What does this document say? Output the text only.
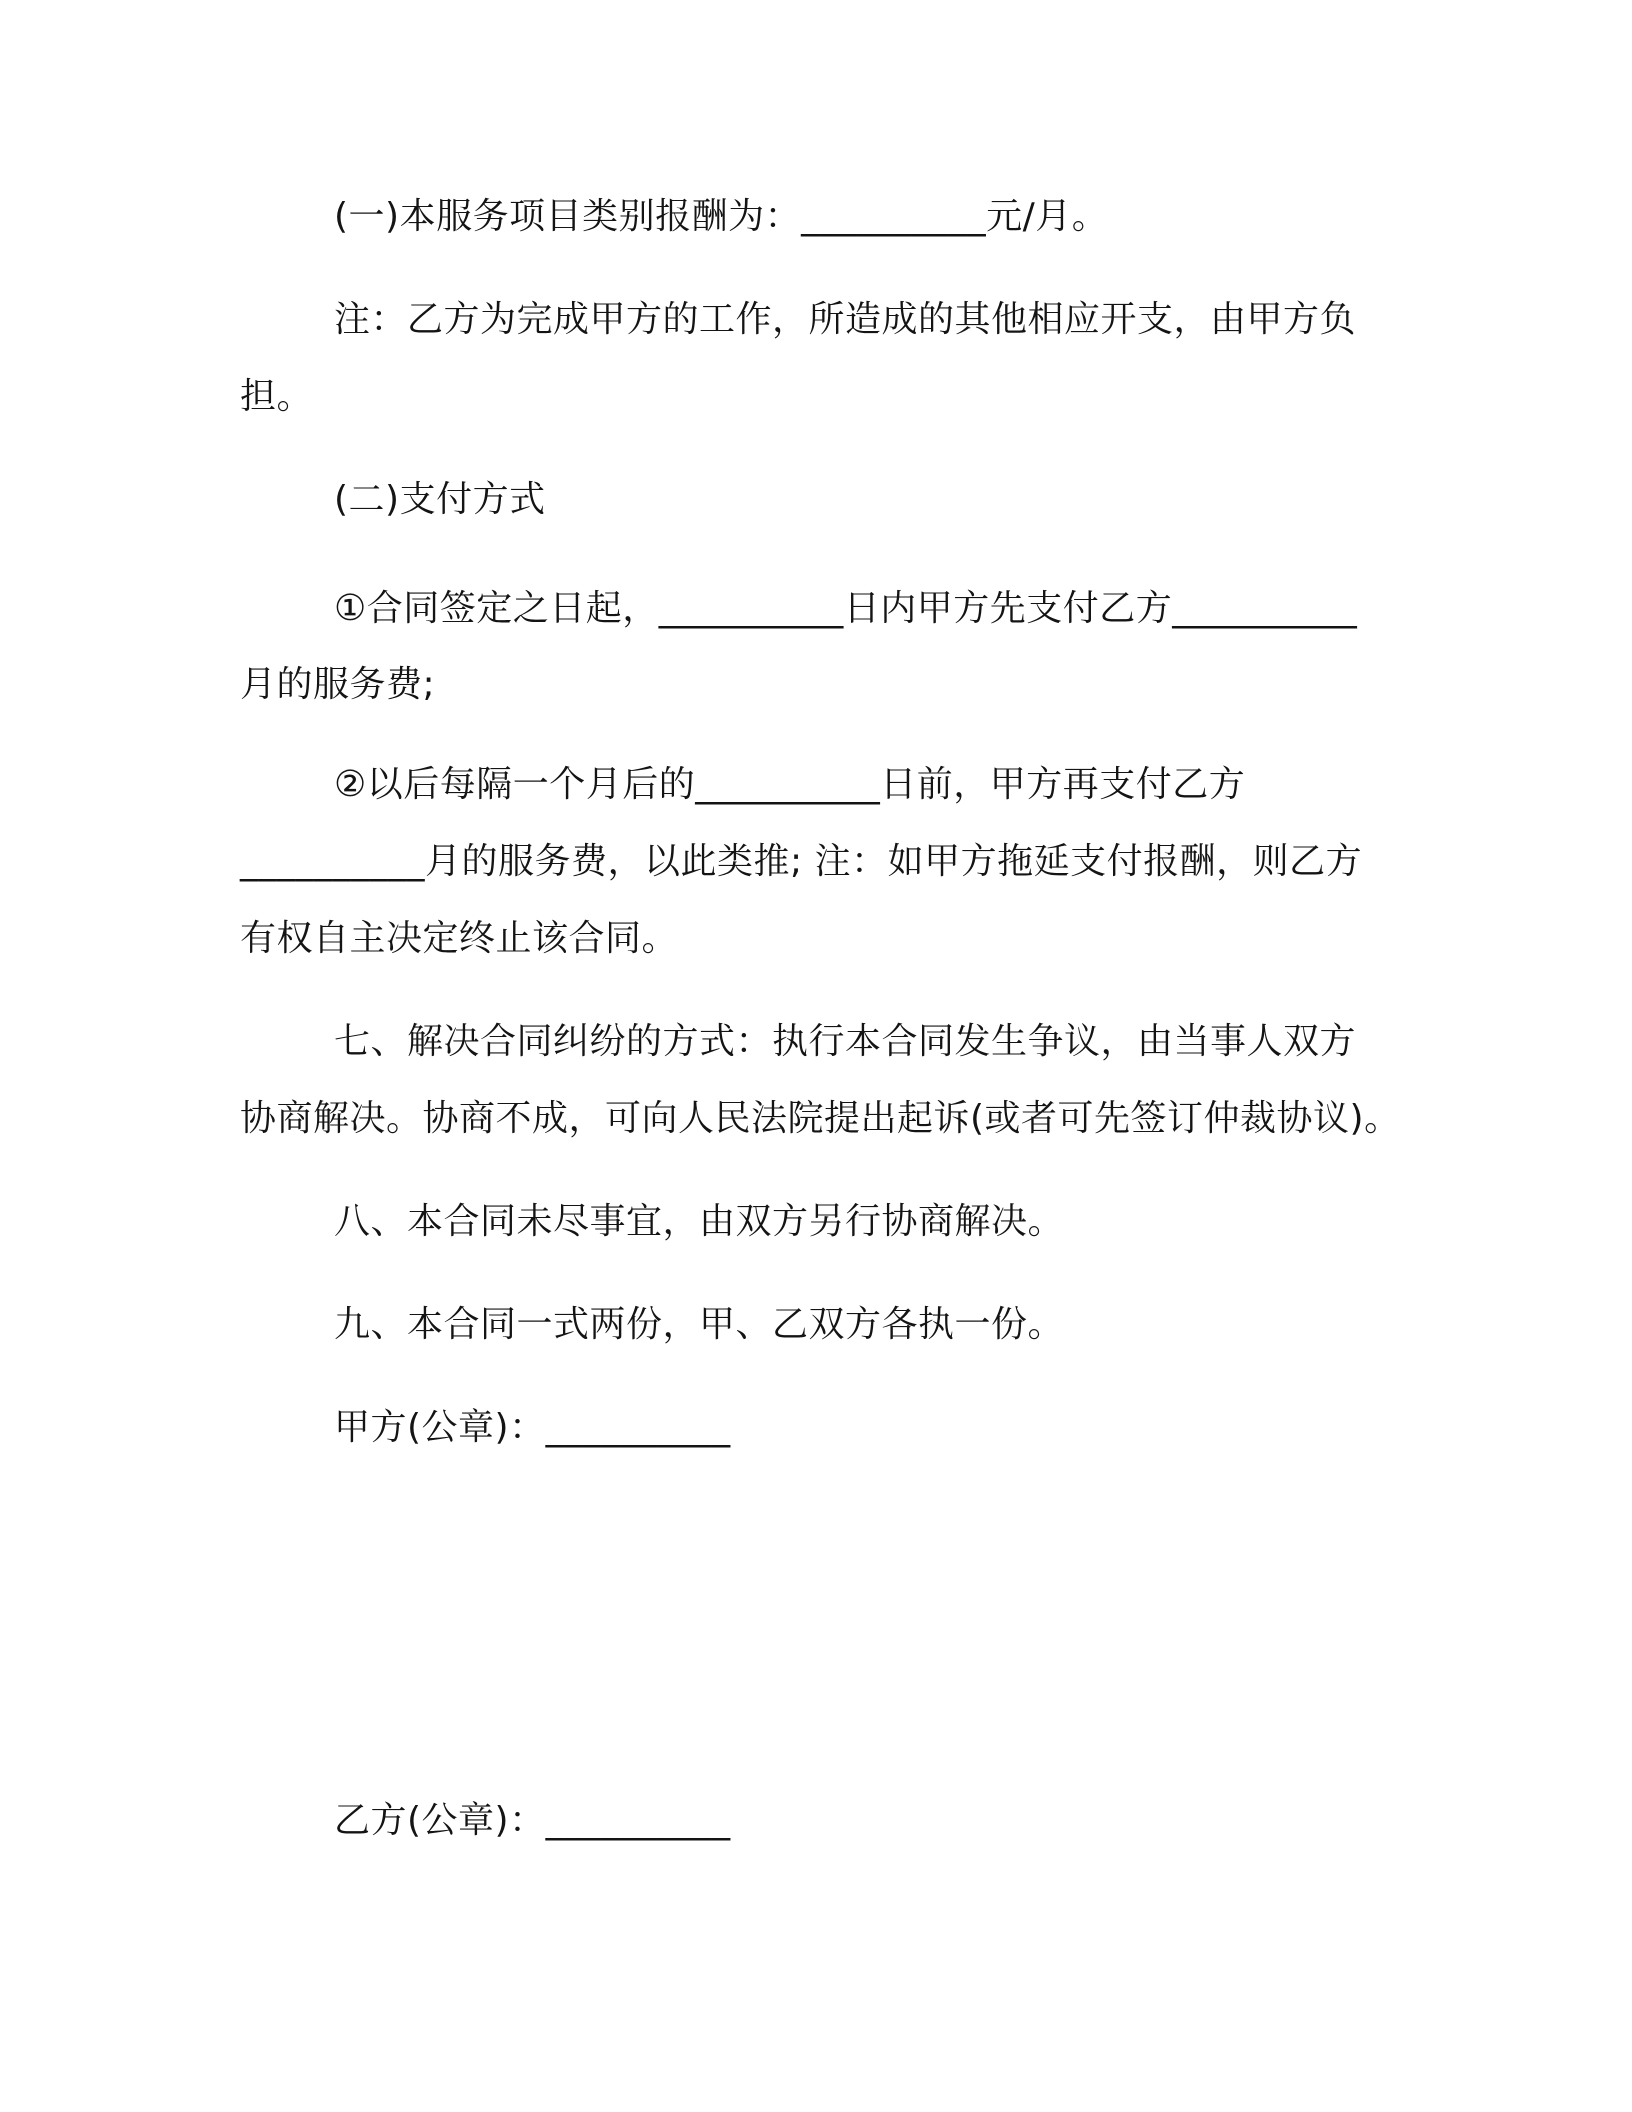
(一)本服务项目类别报酬为：__________元/月。
注：乙方为完成甲方的工作，所造成的其他相应开支，由甲方负
担。
(二)支付方式
①合同签定之日起，__________日内甲方先支付乙方__________
月的服务费;
②以后每隔一个月后的__________日前，甲方再支付乙方
__________月的服务费，以此类推; 注：如甲方拖延支付报酬，则乙方
有权自主决定终止该合同。
七、解决合同纠纷的方式：执行本合同发生争议，由当事人双方
协商解决。协商不成，可向人民法院提出起诉(或者可先签订仲裁协议)。
八、本合同未尽事宜，由双方另行协商解决。
九、本合同一式两份，甲、乙双方各执一份。
甲方(公章)：__________
乙方(公章)：__________
